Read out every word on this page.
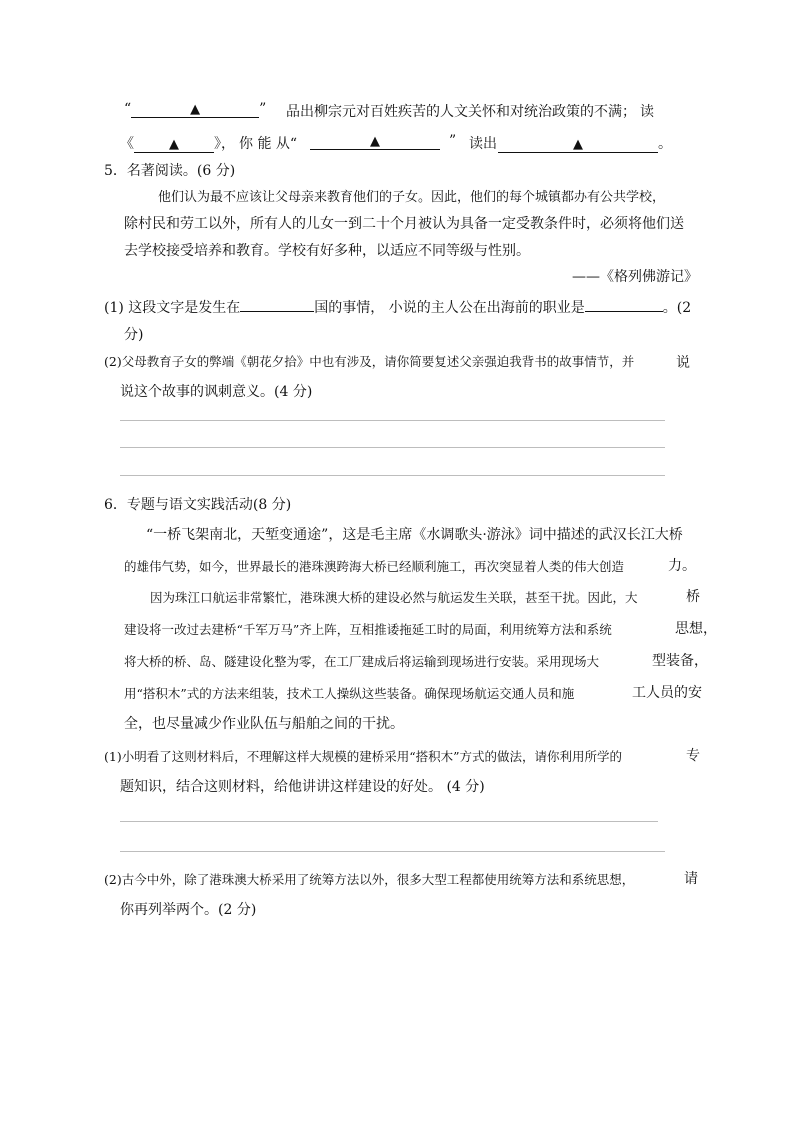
“	▲	” 品出柳宗元对百姓疾苦的人文关怀和对统治政策的不满； 读
《	▲	》， 你 能 从“	▲	” 读出	▲	。
5．名著阅读。(6 分)
他们认为最不应该让父母亲来教育他们的子女。因此，他们的每个城镇都办有公共学校，
除村民和劳工以外，所有人的儿女一到二十个月被认为具备一定受教条件时，必须将他们送
去学校接受培养和教育。学校有好多种，以适应不同等级与性别。
——《格列佛游记》
(1) 这段文字是发生在	国的事情， 小说的主人公在出海前的职业是	。(2
分)
(2)父母教育子女的弊端《朝花夕拾》中也有涉及，请你简要复述父亲强迫我背书的故事情节，并	说
说这个故事的讽刺意义。(4 分)
6．专题与语文实践活动(8 分)
“一桥飞架南北，天堑变通途”，这是毛主席《水调歌头·游泳》词中描述的武汉长江大桥
的雄伟气势，如今，世界最长的港珠澳跨海大桥已经顺利施工，再次突显着人类的伟大创造	力。
因为珠江口航运非常繁忙，港珠澳大桥的建设必然与航运发生关联，甚至干扰。因此，大	桥
建设将一改过去建桥“千军万马”齐上阵，互相推诿拖延工时的局面，利用统筹方法和系统	思想，
将大桥的桥、岛、隧建设化整为零，在工厂建成后将运输到现场进行安装。采用现场大	型装备，
用“搭积木”式的方法来组装，技术工人操纵这些装备。确保现场航运交通人员和施	工人员的安
全，也尽量减少作业队伍与船舶之间的干扰。
(1)小明看了这则材料后，不理解这样大规模的建桥采用“搭积木”方式的做法，请你利用所学的	专
题知识，结合这则材料，给他讲讲这样建设的好处。 (4 分)
(2)古今中外，除了港珠澳大桥采用了统筹方法以外，很多大型工程都使用统筹方法和系统思想，	请
你再列举两个。(2 分)
